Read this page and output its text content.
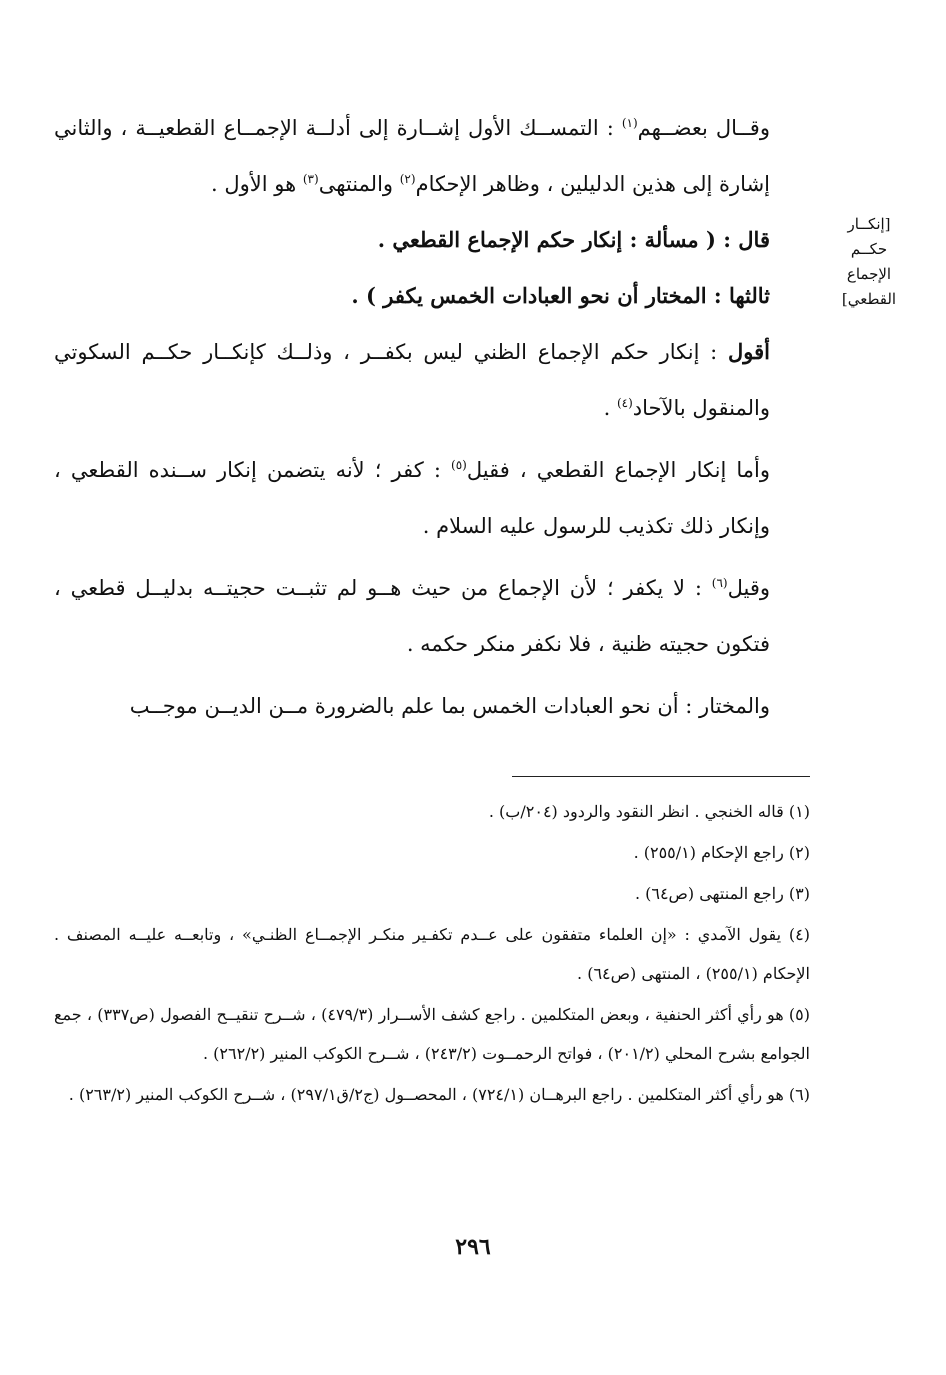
[إنكــار
حكــم
الإجماع
القطعي]

وقــال بعضــهم$^{(١)}$ : التمســك الأول إشــارة إلى أدلــة الإجمــاع القطعيــة ، والثاني إشارة إلى هذين الدليلين ، وظاهر الإحكام$^{(٢)}$ والمنتهى$^{(٣)}$ هو الأول .

قال : ( مسألة : إنكار حكم الإجماع القطعي .

ثالثها : المختار أن نحو العبادات الخمس يكفر ) .

أقول : إنكار حكم الإجماع الظني ليس بكفــر ، وذلــك كإنكــار حكــم السكوتي والمنقول بالآحاد$^{(٤)}$ .

وأما إنكار الإجماع القطعي ، فقيل$^{(٥)}$ : كفر ؛ لأنه يتضمن إنكار ســنده القطعي ، وإنكار ذلك تكذيب للرسول عليه السلام .

وقيل$^{(٦)}$ : لا يكفر ؛ لأن الإجماع من حيث هــو لم تثبــت حجيتــه بدليــل قطعي ، فتكون حجيته ظنية ، فلا نكفر منكر حكمه .

والمختار : أن نحو العبادات الخمس بما علم بالضرورة مــن الديــن موجــب

(١) قاله الخنجي . انظر النقود والردود (٢٠٤/ب) .

(٢) راجع الإحكام (٢٥٥/١) .

(٣) راجع المنتهى (ص٦٤) .

(٤) يقول الآمدي : «إن العلماء متفقون على عــدم تكفـير منكـر الإجمــاع الظنـي» ، وتابعــه عليــه المصنف . الإحكام (٢٥٥/١) ، المنتهى (ص٦٤) .

(٥) هو رأي أكثر الحنفية ، وبعض المتكلمين . راجع كشف الأســرار (٤٧٩/٣) ، شــرح تنقيــح الفصول (ص٣٣٧) ، جمع الجوامع بشرح المحلي (٢٠١/٢) ، فواتح الرحمــوت (٢٤٣/٢) ، شــرح الكوكب المنير (٢٦٢/٢) .

(٦) هو رأي أكثر المتكلمين . راجع البرهــان (٧٢٤/١) ، المحصــول (ج٢/ق٢٩٧/١) ، شــرح الكوكب المنير (٢٦٣/٢) .

٢٩٦
